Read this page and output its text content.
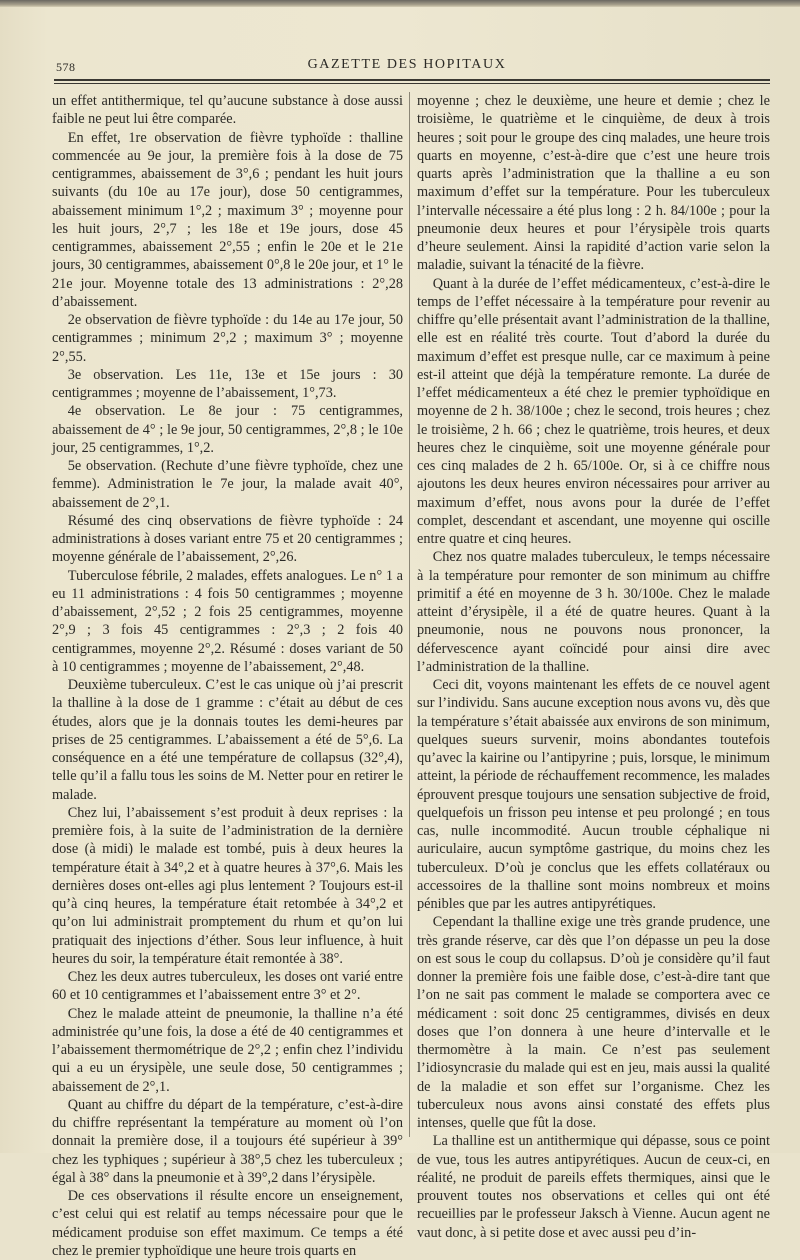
578	GAZETTE DES HOPITAUX

un effet antithermique, tel qu’aucune substance à dose aussi faible ne peut lui être comparée.

En effet, 1re observation de fièvre typhoïde : thalline commencée au 9e jour, la première fois à la dose de 75 centigrammes, abaissement de 3°,6 ; pendant les huit jours suivants (du 10e au 17e jour), dose 50 centigrammes, abaissement minimum 1°,2 ; maximum 3° ; moyenne pour les huit jours, 2°,7 ; les 18e et 19e jours, dose 45 centigrammes, abaissement 2°,55 ; enfin le 20e et le 21e jours, 30 centigrammes, abaissement 0°,8 le 20e jour, et 1° le 21e jour. Moyenne totale des 13 administrations : 2°,28 d’abaissement.

2e observation de fièvre typhoïde : du 14e au 17e jour, 50 centigrammes ; minimum 2°,2 ; maximum 3° ; moyenne 2°,55.

3e observation. Les 11e, 13e et 15e jours : 30 centigrammes ; moyenne de l’abaissement, 1°,73.

4e observation. Le 8e jour : 75 centigrammes, abaissement de 4° ; le 9e jour, 50 centigrammes, 2°,8 ; le 10e jour, 25 centigrammes, 1°,2.

5e observation. (Rechute d’une fièvre typhoïde, chez une femme). Administration le 7e jour, la malade avait 40°, abaissement de 2°,1.

Résumé des cinq observations de fièvre typhoïde : 24 administrations à doses variant entre 75 et 20 centigrammes ; moyenne générale de l’abaissement, 2°,26.

Tuberculose fébrile, 2 malades, effets analogues. Le n° 1 a eu 11 administrations : 4 fois 50 centigrammes ; moyenne d’abaissement, 2°,52 ; 2 fois 25 centigrammes, moyenne 2°,9 ; 3 fois 45 centigrammes : 2°,3 ; 2 fois 40 centigrammes, moyenne 2°,2. Résumé : doses variant de 50 à 10 centigrammes ; moyenne de l’abaissement, 2°,48.

Deuxième tuberculeux. C’est le cas unique où j’ai prescrit la thalline à la dose de 1 gramme : c’était au début de ces études, alors que je la donnais toutes les demi-heures par prises de 25 centigrammes. L’abaissement a été de 5°,6. La conséquence en a été une température de collapsus (32°,4), telle qu’il a fallu tous les soins de M. Netter pour en retirer le malade.

Chez lui, l’abaissement s’est produit à deux reprises : la première fois, à la suite de l’administration de la dernière dose (à midi) le malade est tombé, puis à deux heures la température était à 34°,2 et à quatre heures à 37°,6. Mais les dernières doses ont-elles agi plus lentement ? Toujours est-il qu’à cinq heures, la température était retombée à 34°,2 et qu’on lui administrait promptement du rhum et qu’on lui pratiquait des injections d’éther. Sous leur influence, à huit heures du soir, la température était remontée à 38°.

Chez les deux autres tuberculeux, les doses ont varié entre 60 et 10 centigrammes et l’abaissement entre 3° et 2°.

Chez le malade atteint de pneumonie, la thalline n’a été administrée qu’une fois, la dose a été de 40 centigrammes et l’abaissement thermométrique de 2°,2 ; enfin chez l’individu qui a eu un érysipèle, une seule dose, 50 centigrammes ; abaissement de 2°,1.

Quant au chiffre du départ de la température, c’est-à-dire du chiffre représentant la température au moment où l’on donnait la première dose, il a toujours été supérieur à 39° chez les typhiques ; supérieur à 38°,5 chez les tuberculeux ; égal à 38° dans la pneumonie et à 39°,2 dans l’érysipèle.

De ces observations il résulte encore un enseignement, c’est celui qui est relatif au temps nécessaire pour que le médicament produise son effet maximum. Ce temps a été chez le premier typhoïdique une heure trois quarts en

moyenne ; chez le deuxième, une heure et demie ; chez le troisième, le quatrième et le cinquième, de deux à trois heures ; soit pour le groupe des cinq malades, une heure trois quarts en moyenne, c’est-à-dire que c’est une heure trois quarts après l’administration que la thalline a eu son maximum d’effet sur la température. Pour les tuberculeux l’intervalle nécessaire a été plus long : 2 h. 84/100e ; pour la pneumonie deux heures et pour l’érysipèle trois quarts d’heure seulement. Ainsi la rapidité d’action varie selon la maladie, suivant la ténacité de la fièvre.

Quant à la durée de l’effet médicamenteux, c’est-à-dire le temps de l’effet nécessaire à la température pour revenir au chiffre qu’elle présentait avant l’administration de la thalline, elle est en réalité très courte. Tout d’abord la durée du maximum d’effet est presque nulle, car ce maximum à peine est-il atteint que déjà la température remonte. La durée de l’effet médicamenteux a été chez le premier typhoïdique en moyenne de 2 h. 38/100e ; chez le second, trois heures ; chez le troisième, 2 h. 66 ; chez le quatrième, trois heures, et deux heures chez le cinquième, soit une moyenne générale pour ces cinq malades de 2 h. 65/100e. Or, si à ce chiffre nous ajoutons les deux heures environ nécessaires pour arriver au maximum d’effet, nous avons pour la durée de l’effet complet, descendant et ascendant, une moyenne qui oscille entre quatre et cinq heures.

Chez nos quatre malades tuberculeux, le temps nécessaire à la température pour remonter de son minimum au chiffre primitif a été en moyenne de 3 h. 30/100e. Chez le malade atteint d’érysipèle, il a été de quatre heures. Quant à la pneumonie, nous ne pouvons nous prononcer, la défervescence ayant coïncidé pour ainsi dire avec l’administration de la thalline.

Ceci dit, voyons maintenant les effets de ce nouvel agent sur l’individu. Sans aucune exception nous avons vu, dès que la température s’était abaissée aux environs de son minimum, quelques sueurs survenir, moins abondantes toutefois qu’avec la kairine ou l’antipyrine ; puis, lorsque, le minimum atteint, la période de réchauffement recommence, les malades éprouvent presque toujours une sensation subjective de froid, quelquefois un frisson peu intense et peu prolongé ; en tous cas, nulle incommodité. Aucun trouble céphalique ni auriculaire, aucun symptôme gastrique, du moins chez les tuberculeux. D’où je conclus que les effets collatéraux ou accessoires de la thalline sont moins nombreux et moins pénibles que par les autres antipyrétiques.

Cependant la thalline exige une très grande prudence, une très grande réserve, car dès que l’on dépasse un peu la dose on est sous le coup du collapsus. D’où je considère qu’il faut donner la première fois une faible dose, c’est-à-dire tant que l’on ne sait pas comment le malade se comportera avec ce médicament : soit donc 25 centigrammes, divisés en deux doses que l’on donnera à une heure d’intervalle et le thermomètre à la main. Ce n’est pas seulement l’idiosyncrasie du malade qui est en jeu, mais aussi la qualité de la maladie et son effet sur l’organisme. Chez les tuberculeux nous avons ainsi constaté des effets plus intenses, quelle que fût la dose.

La thalline est un antithermique qui dépasse, sous ce point de vue, tous les autres antipyrétiques. Aucun de ceux-ci, en réalité, ne produit de pareils effets thermiques, ainsi que le prouvent toutes nos observations et celles qui ont été recueillies par le professeur Jaksch à Vienne. Aucun agent ne vaut donc, à si petite dose et avec aussi peu d’in-
